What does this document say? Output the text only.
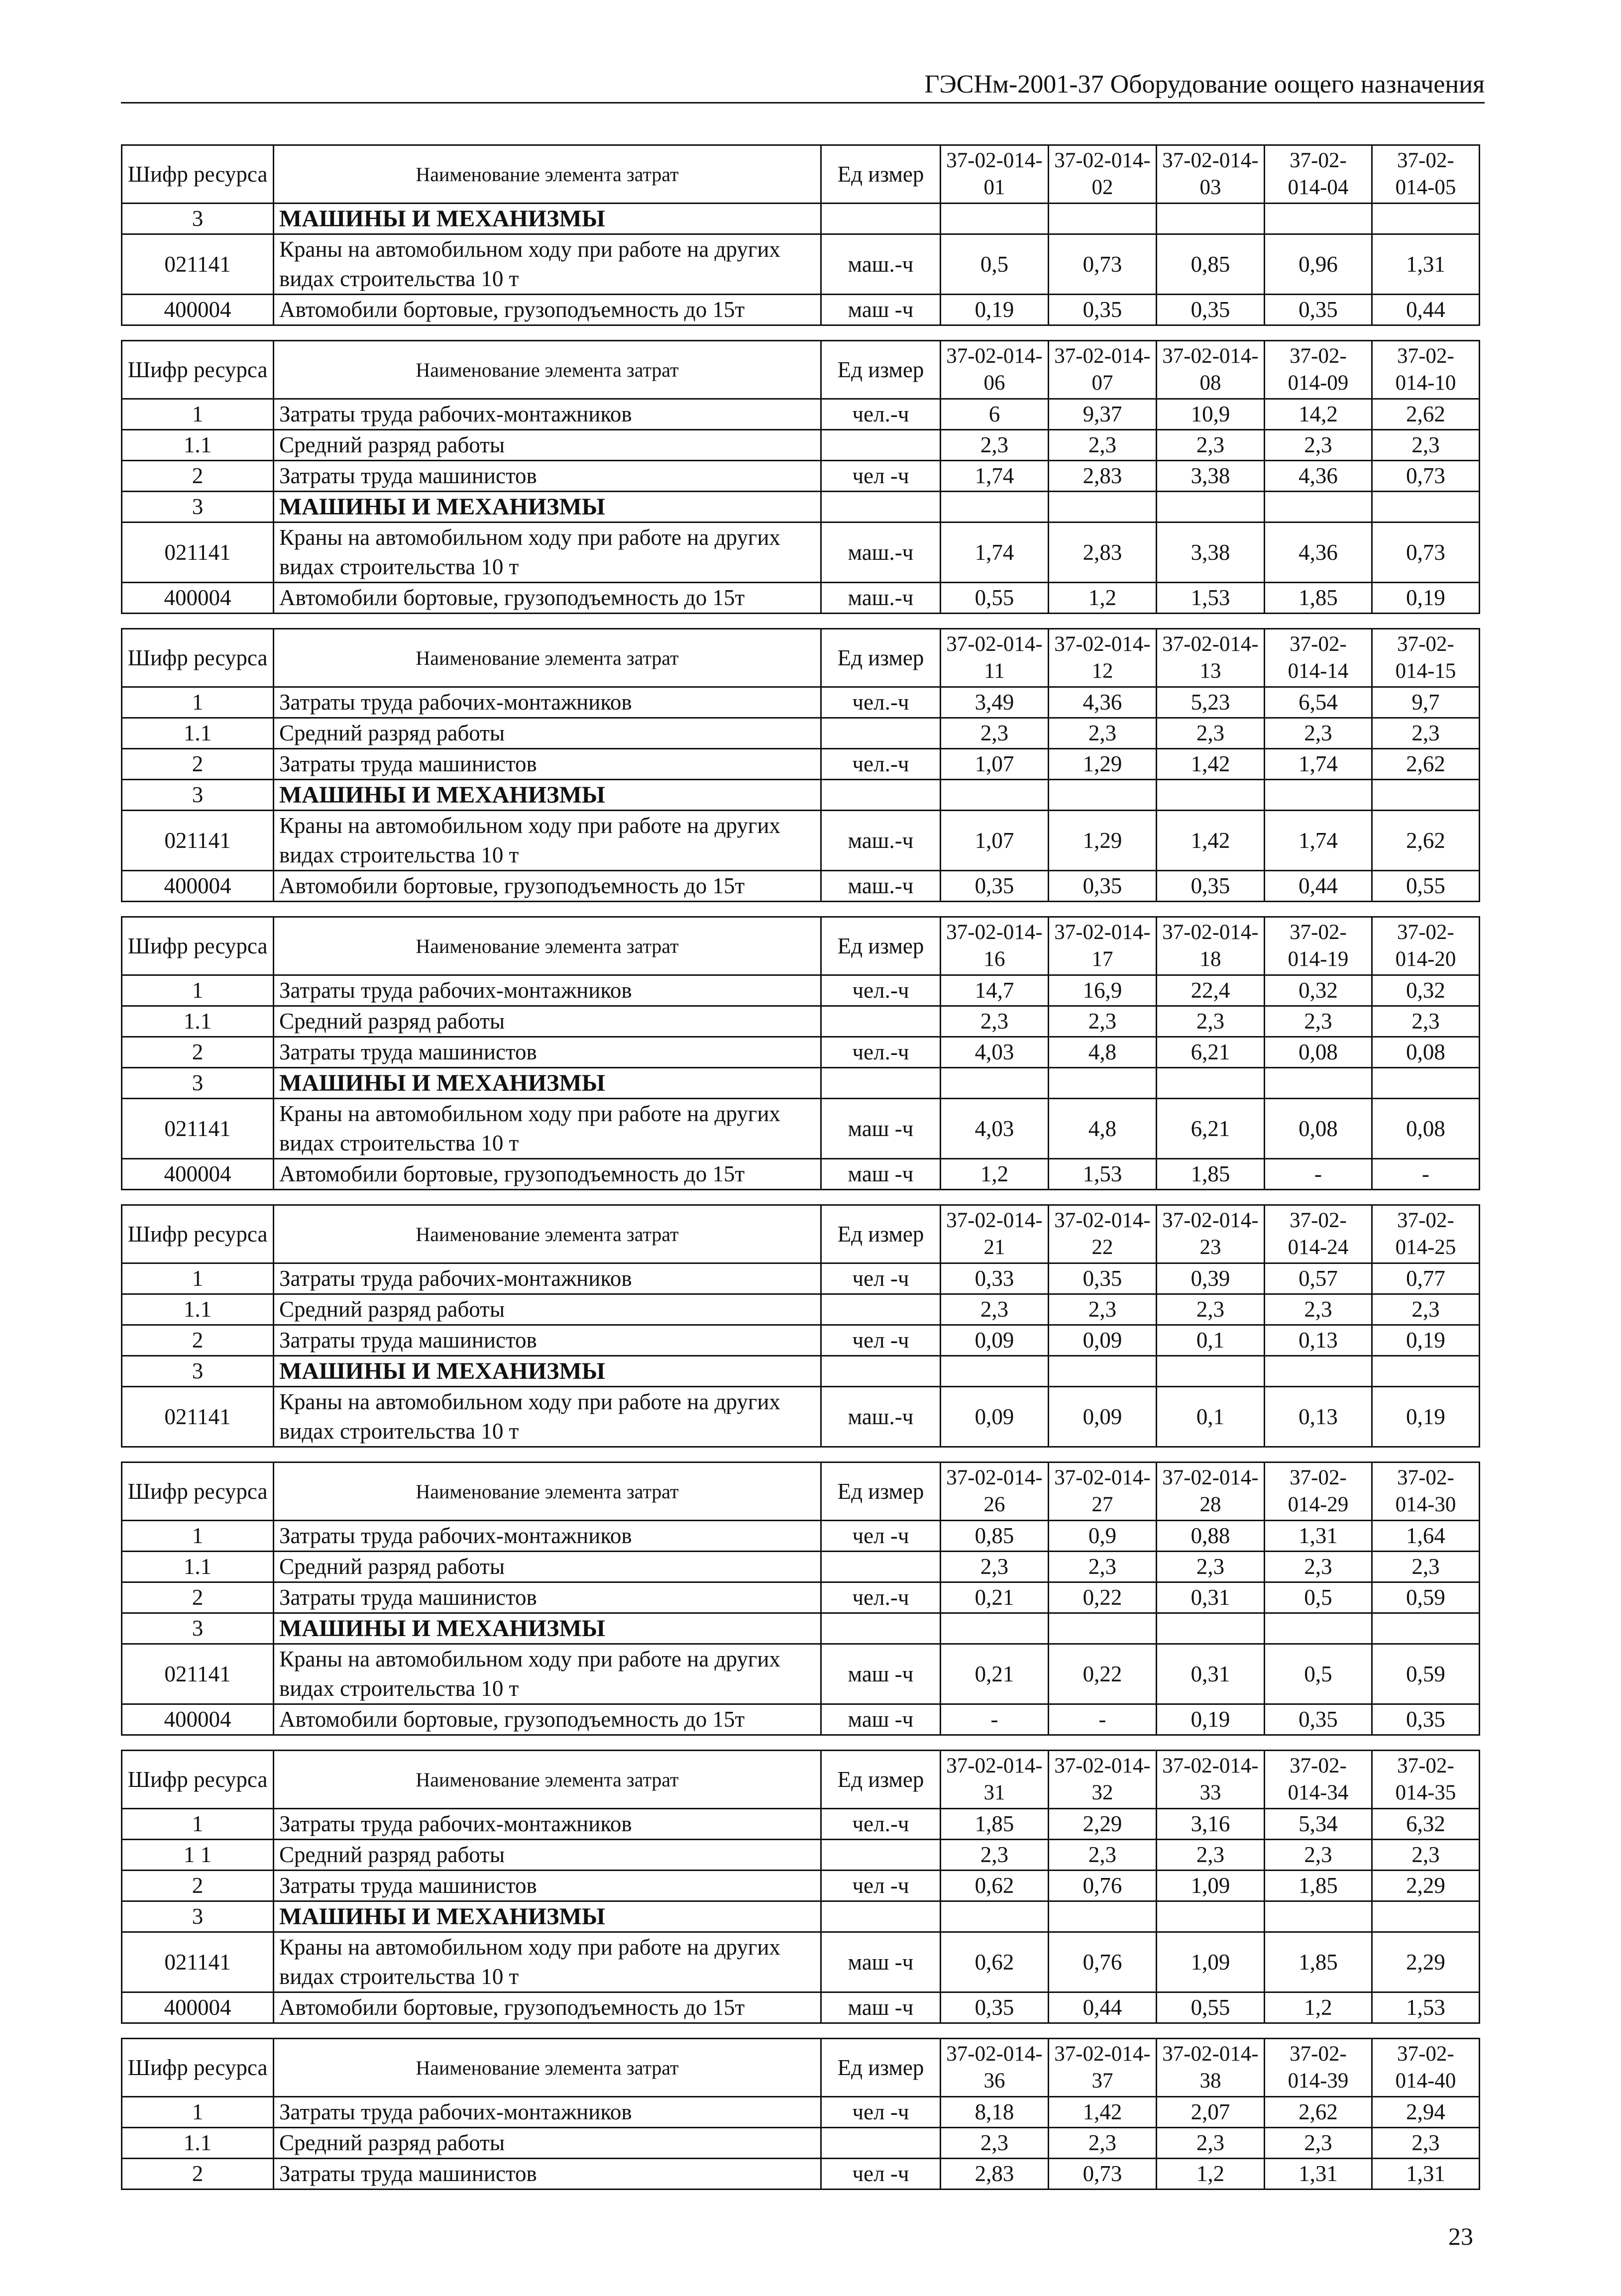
ГЭСНм-2001-37 Оборудование оощего назначения
Шифр ресурса	Наименование элемента затрат	Ед измер	37-02-014-01	37-02-014-02	37-02-014-03	37-02-014-04	37-02-014-05
3	МАШИНЫ И МЕХАНИЗМЫ						
021141	Краны на автомобильном ходу при работе на других видах строительства 10 т	маш.-ч	0,5	0,73	0,85	0,96	1,31
400004	Автомобили бортовые, грузоподъемность до 15т	маш -ч	0,19	0,35	0,35	0,35	0,44
Шифр ресурса	Наименование элемента затрат	Ед измер	37-02-014-06	37-02-014-07	37-02-014-08	37-02-014-09	37-02-014-10
1	Затраты труда рабочих-монтажников	чел.-ч	6	9,37	10,9	14,2	2,62
1.1	Средний разряд работы		2,3	2,3	2,3	2,3	2,3
2	Затраты труда машинистов	чел -ч	1,74	2,83	3,38	4,36	0,73
3	МАШИНЫ И МЕХАНИЗМЫ						
021141	Краны на автомобильном ходу при работе на других видах строительства 10 т	маш.-ч	1,74	2,83	3,38	4,36	0,73
400004	Автомобили бортовые, грузоподъемность до 15т	маш.-ч	0,55	1,2	1,53	1,85	0,19
Шифр ресурса	Наименование элемента затрат	Ед измер	37-02-014-11	37-02-014-12	37-02-014-13	37-02-014-14	37-02-014-15
1	Затраты труда рабочих-монтажников	чел.-ч	3,49	4,36	5,23	6,54	9,7
1.1	Средний разряд работы		2,3	2,3	2,3	2,3	2,3
2	Затраты труда машинистов	чел.-ч	1,07	1,29	1,42	1,74	2,62
3	МАШИНЫ И МЕХАНИЗМЫ						
021141	Краны на автомобильном ходу при работе на других видах строительства 10 т	маш.-ч	1,07	1,29	1,42	1,74	2,62
400004	Автомобили бортовые, грузоподъемность до 15т	маш.-ч	0,35	0,35	0,35	0,44	0,55
Шифр ресурса	Наименование элемента затрат	Ед измер	37-02-014-16	37-02-014-17	37-02-014-18	37-02-014-19	37-02-014-20
1	Затраты труда рабочих-монтажников	чел.-ч	14,7	16,9	22,4	0,32	0,32
1.1	Средний разряд работы		2,3	2,3	2,3	2,3	2,3
2	Затраты труда машинистов	чел.-ч	4,03	4,8	6,21	0,08	0,08
3	МАШИНЫ И МЕХАНИЗМЫ						
021141	Краны на автомобильном ходу при работе на других видах строительства 10 т	маш -ч	4,03	4,8	6,21	0,08	0,08
400004	Автомобили бортовые, грузоподъемность до 15т	маш -ч	1,2	1,53	1,85	-	-
Шифр ресурса	Наименование элемента затрат	Ед измер	37-02-014-21	37-02-014-22	37-02-014-23	37-02-014-24	37-02-014-25
1	Затраты труда рабочих-монтажников	чел -ч	0,33	0,35	0,39	0,57	0,77
1.1	Средний разряд работы		2,3	2,3	2,3	2,3	2,3
2	Затраты труда машинистов	чел -ч	0,09	0,09	0,1	0,13	0,19
3	МАШИНЫ И МЕХАНИЗМЫ						
021141	Краны на автомобильном ходу при работе на других видах строительства 10 т	маш.-ч	0,09	0,09	0,1	0,13	0,19
Шифр ресурса	Наименование элемента затрат	Ед измер	37-02-014-26	37-02-014-27	37-02-014-28	37-02-014-29	37-02-014-30
1	Затраты труда рабочих-монтажников	чел -ч	0,85	0,9	0,88	1,31	1,64
1.1	Средний разряд работы		2,3	2,3	2,3	2,3	2,3
2	Затраты труда машинистов	чел.-ч	0,21	0,22	0,31	0,5	0,59
3	МАШИНЫ И МЕХАНИЗМЫ						
021141	Краны на автомобильном ходу при работе на других видах строительства 10 т	маш -ч	0,21	0,22	0,31	0,5	0,59
400004	Автомобили бортовые, грузоподъемность до 15т	маш -ч	-	-	0,19	0,35	0,35
Шифр ресурса	Наименование элемента затрат	Ед измер	37-02-014-31	37-02-014-32	37-02-014-33	37-02-014-34	37-02-014-35
1	Затраты труда рабочих-монтажников	чел.-ч	1,85	2,29	3,16	5,34	6,32
1 1	Средний разряд работы		2,3	2,3	2,3	2,3	2,3
2	Затраты труда машинистов	чел -ч	0,62	0,76	1,09	1,85	2,29
3	МАШИНЫ И МЕХАНИЗМЫ						
021141	Краны на автомобильном ходу при работе на других видах строительства 10 т	маш -ч	0,62	0,76	1,09	1,85	2,29
400004	Автомобили бортовые, грузоподъемность до 15т	маш -ч	0,35	0,44	0,55	1,2	1,53
Шифр ресурса	Наименование элемента затрат	Ед измер	37-02-014-36	37-02-014-37	37-02-014-38	37-02-014-39	37-02-014-40
1	Затраты труда рабочих-монтажников	чел -ч	8,18	1,42	2,07	2,62	2,94
1.1	Средний разряд работы		2,3	2,3	2,3	2,3	2,3
2	Затраты труда машинистов	чел -ч	2,83	0,73	1,2	1,31	1,31
23
